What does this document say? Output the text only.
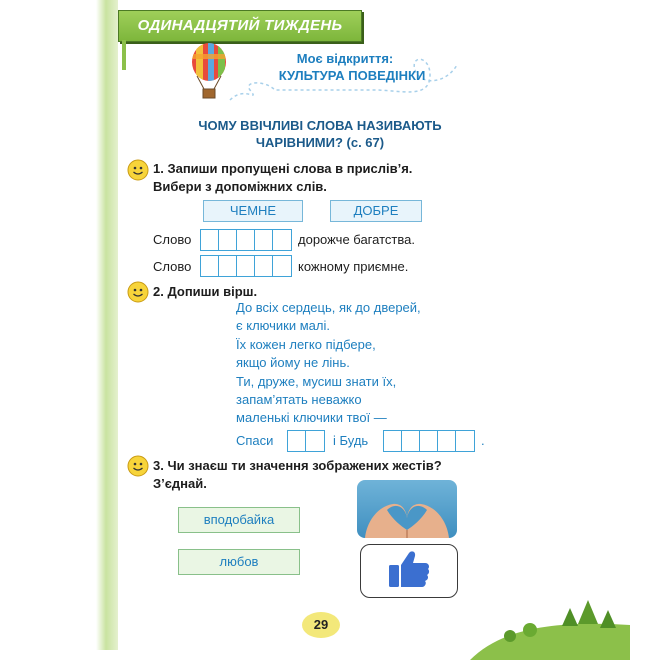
ОДИНАДЦЯТИЙ ТИЖДЕНЬ
Моє відкриття:
КУЛЬТУРА ПОВЕДІНКИ
ЧОМУ ВВІЧЛИВІ СЛОВА НАЗИВАЮТЬ
ЧАРІВНИМИ? (с. 67)
1. Запиши пропущені слова в прислів’я.
Вибери з допоміжних слів.
ЧЕМНЕ	ДОБРЕ
Слово	дорожче багатства.
Слово	кожному приємне.
2. Допиши вірш.
До всіх сердець, як до дверей,
є ключики малі.
Їх кожен легко підбере,
якщо йому не лінь.
Ти, друже, мусиш знати їх,
запам’ятать неважко
маленькі ключики твої —
Спаси	і Будь	.
3. Чи знаєш ти значення зображених жестів?
З’єднай.
вподобайка
любов
29
